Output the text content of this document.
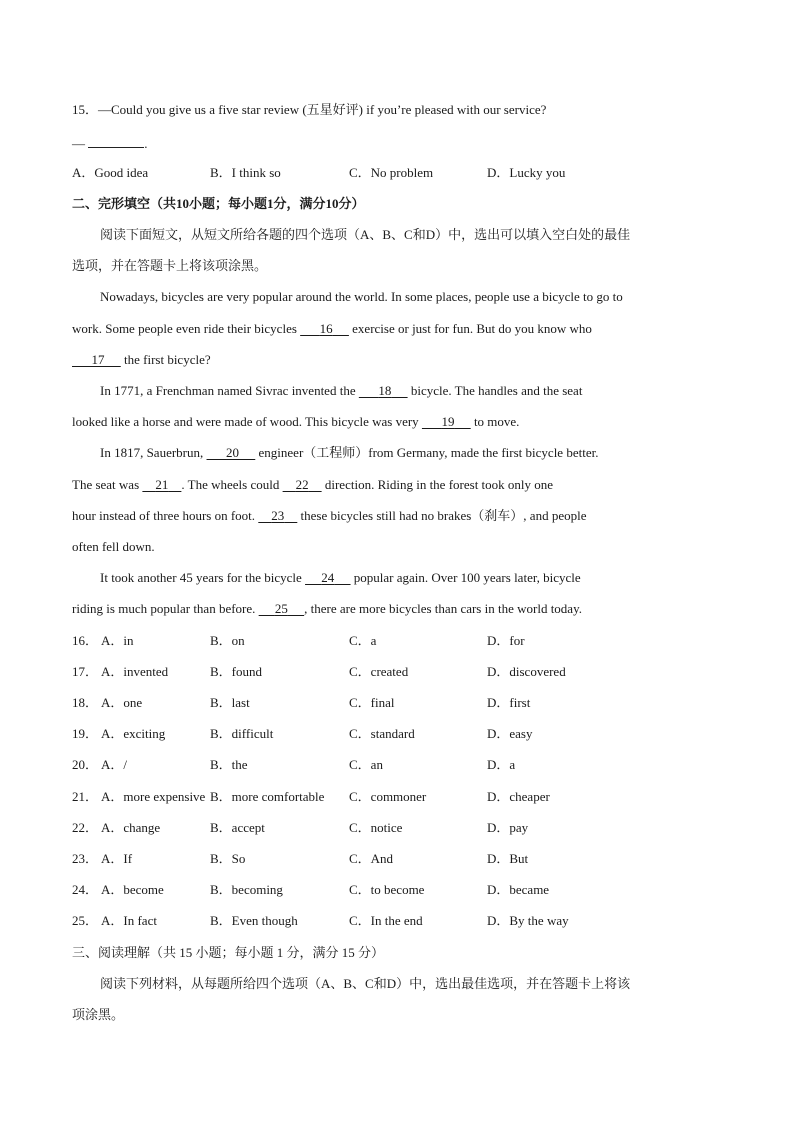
15．—Could you give us a five star review (五星好评) if you’re pleased with our service?
—	.
A．Good idea	B．I think so	C．No problem	D．Lucky you
二、完形填空（共10小题；每小题1分，满分10分）
阅读下面短文，从短文所给各题的四个选项（A、B、C和D）中，选出可以填入空白处的最佳
选项，并在答题卡上将该项涂黑。
Nowadays, bicycles are very popular around the world. In some places, people use a bicycle to go to
work. Some people even ride their bicycles       16      exercise or just for fun. But do you know who
17      the first bicycle?
In 1771, a Frenchman named Sivrac invented the       18      bicycle. The handles and the seat
looked like a horse and were made of wood. This bicycle was very       19      to move.
In 1817, Sauerbrun,       20      engineer（工程师）from Germany, made the first bicycle better.
The seat was     21 . The wheels could     22     direction. Riding in the forest took only one
hour instead of three hours on foot.     23     these bicycles still had no brakes（刹车）, and people
often fell down.
It took another 45 years for the bicycle      24      popular again. Over 100 years later, bicycle
riding is much popular than before.      25 , there are more bicycles than cars in the world today.
16． A．in	B．on	C．a	D．for
17． A．invented	B．found	C．created	D．discovered
18． A．one	B．last	C．final	D．first
19． A．exciting	B．difficult	C．standard	D．easy
20． A．/	B．the	C．an	D．a
21． A．more expensive B．more comfortable C．commoner	D．cheaper
22． A．change	B．accept	C．notice	D．pay
23． A．If	B．So	C．And	D．But
24． A．become	B．becoming	C．to become	D．became
25． A．In fact	B．Even though	C．In the end	D．By the way
三、阅读理解（共 15 小题；每小题 1 分，满分 15 分）
阅读下列材料，从每题所给四个选项（A、B、C和D）中，选出最佳选项，并在答题卡上将该
项涂黑。
